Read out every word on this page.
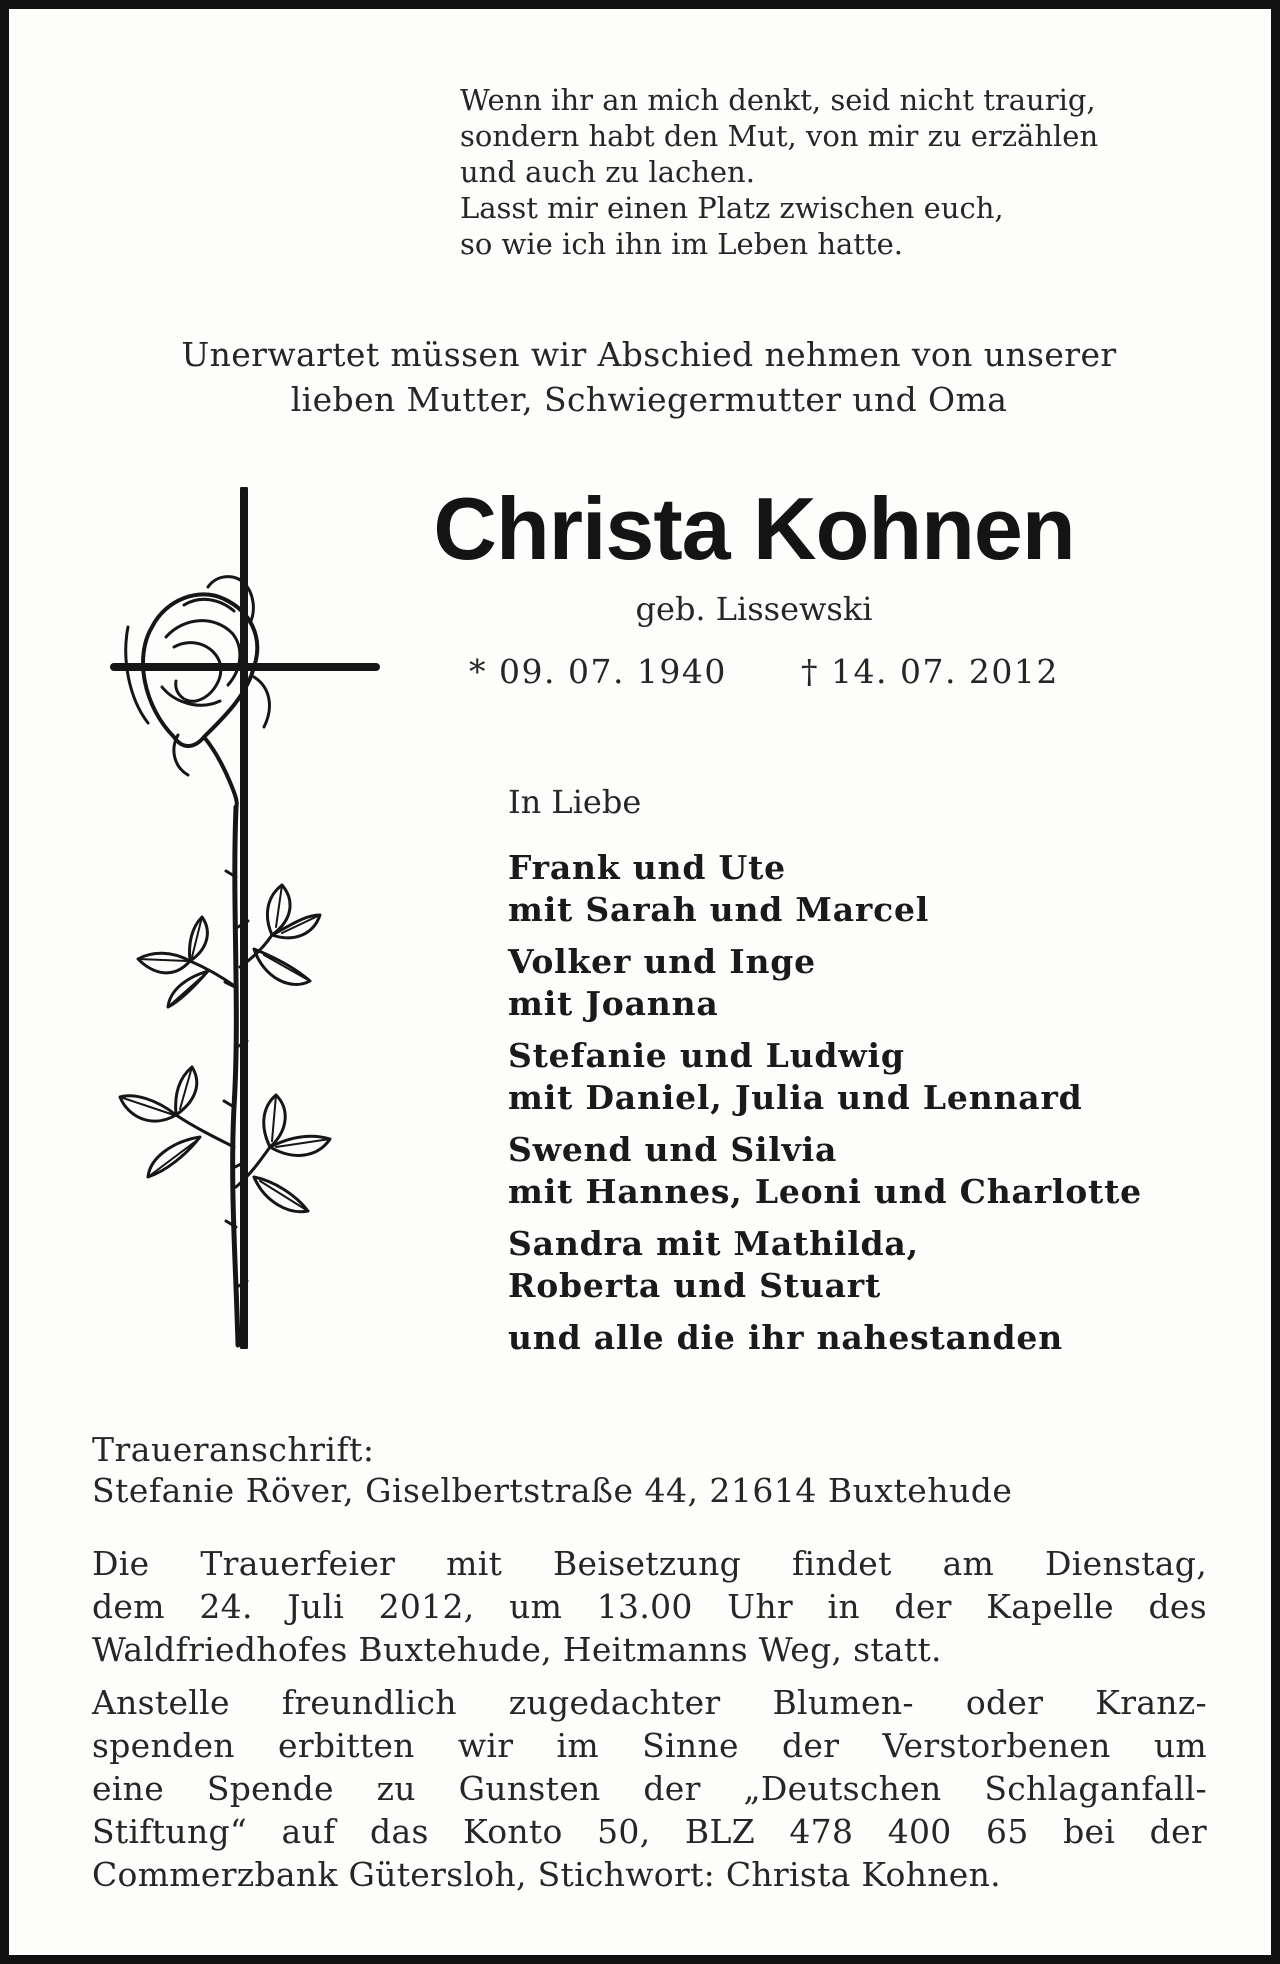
Wenn ihr an mich denkt, seid nicht traurig,
sondern habt den Mut, von mir zu erzählen
und auch zu lachen.
Lasst mir einen Platz zwischen euch,
so wie ich ihn im Leben hatte.
Unerwartet müssen wir Abschied nehmen von unserer
lieben Mutter, Schwiegermutter und Oma
Christa Kohnen
geb. Lissewski
* 09. 07. 1940 † 14. 07. 2012
In Liebe
Frank und Ute
mit Sarah und Marcel
Volker und Inge
mit Joanna
Stefanie und Ludwig
mit Daniel, Julia und Lennard
Swend und Silvia
mit Hannes, Leoni und Charlotte
Sandra mit Mathilda,
Roberta und Stuart
und alle die ihr nahestanden
Traueranschrift:
Stefanie Röver, Giselbertstraße 44, 21614 Buxtehude
Die Trauerfeier mit Beisetzung findet am Dienstag,
dem 24. Juli 2012, um 13.00 Uhr in der Kapelle des
Waldfriedhofes Buxtehude, Heitmanns Weg, statt.
Anstelle freundlich zugedachter Blumen- oder Kranz-
spenden erbitten wir im Sinne der Verstorbenen um
eine Spende zu Gunsten der „Deutschen Schlaganfall-
Stiftung“ auf das Konto 50, BLZ 478 400 65 bei der
Commerzbank Gütersloh, Stichwort: Christa Kohnen.
